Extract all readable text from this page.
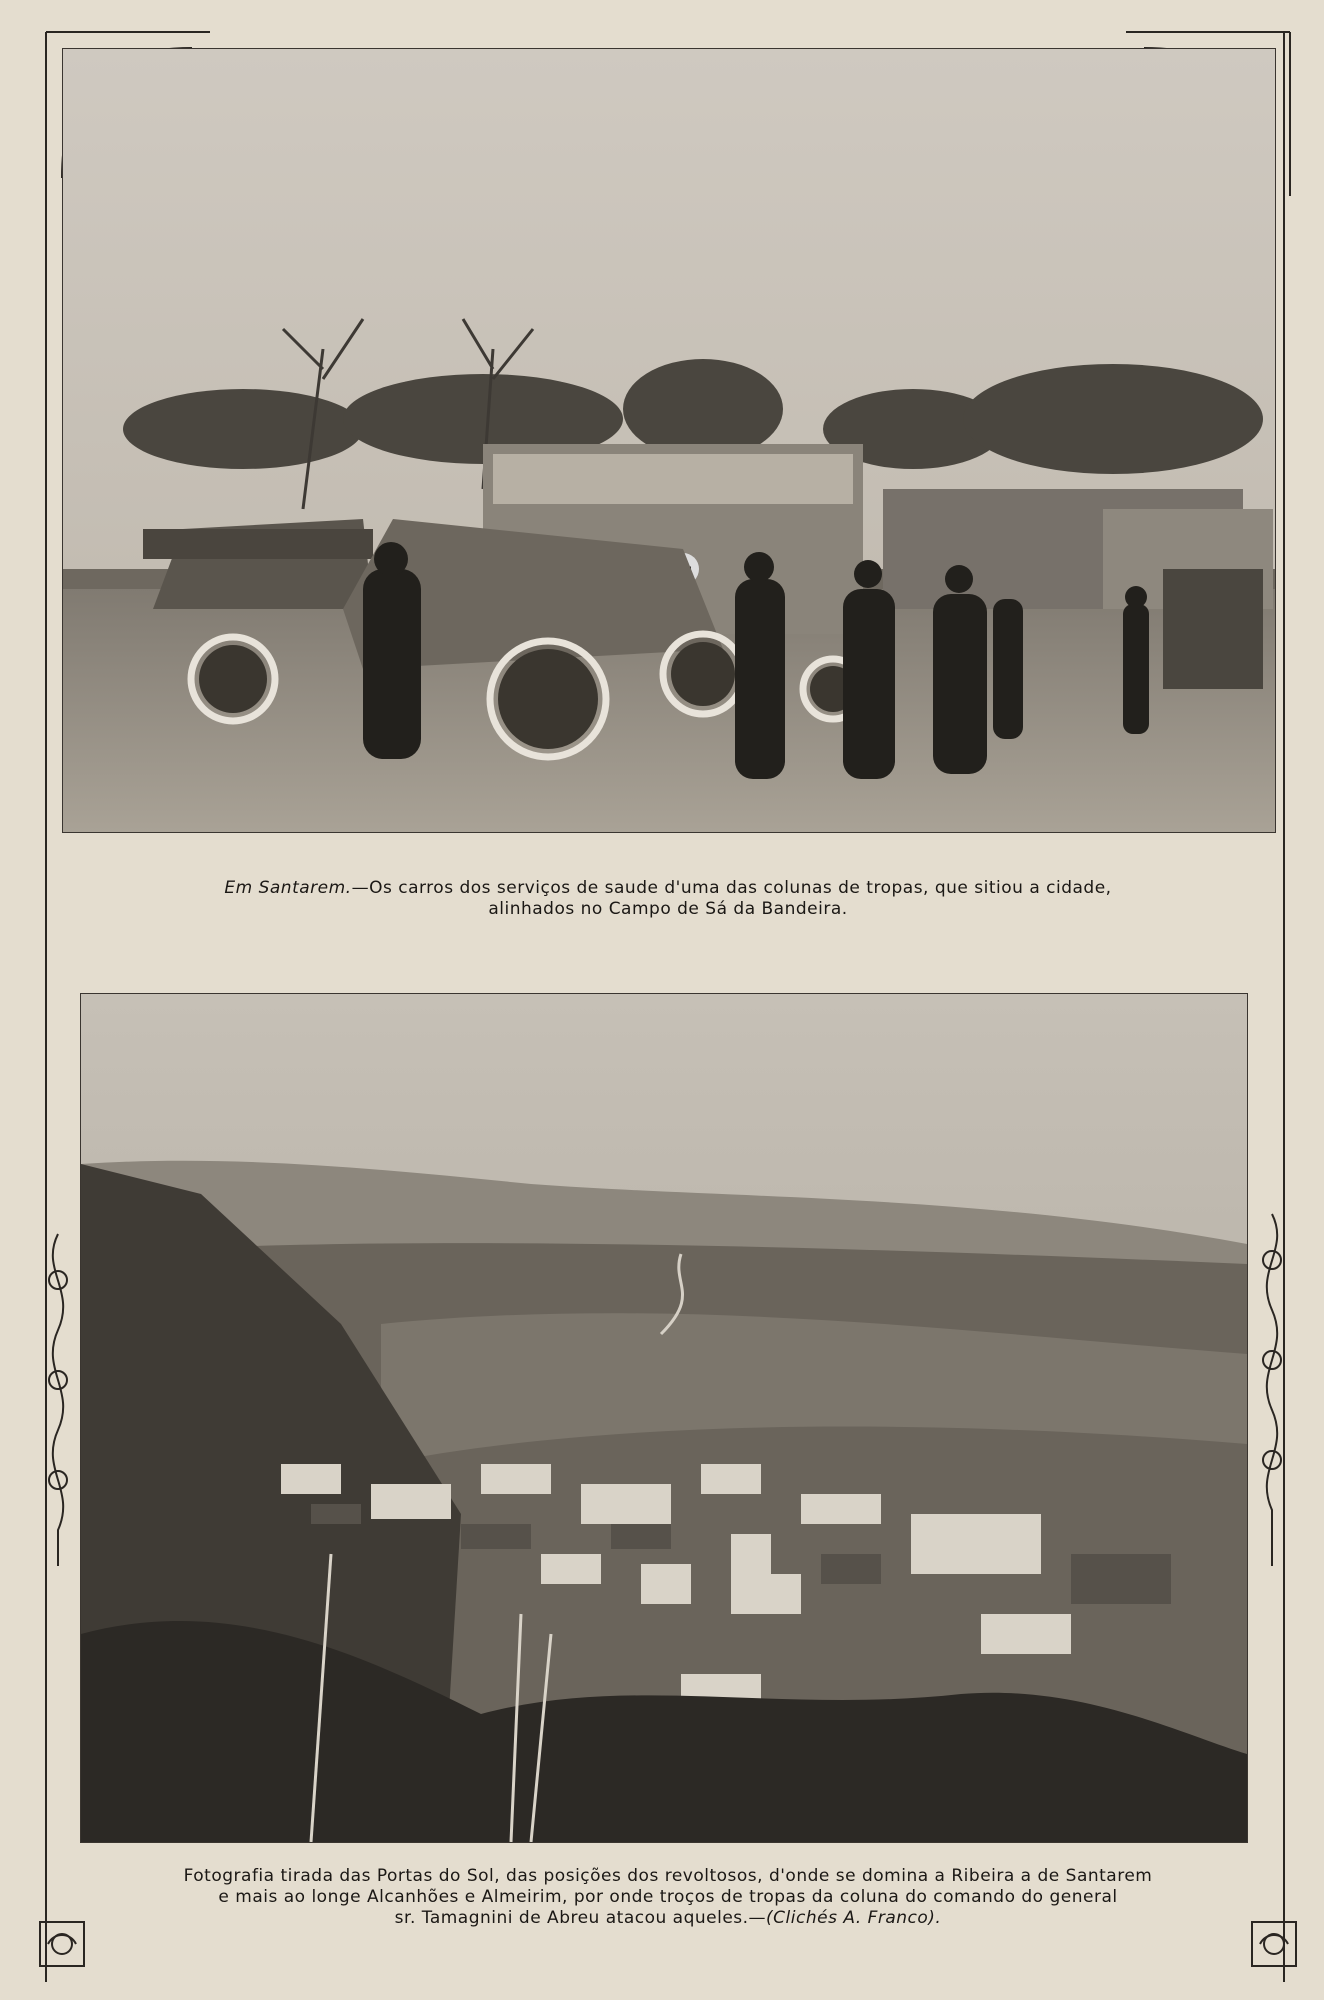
Em Santarem.—Os carros dos serviços de saude d'uma das colunas de tropas, que sitiou a cidade,
alinhados no Campo de Sá da Bandeira.
Fotografia tirada das Portas do Sol, das posições dos revoltosos, d'onde se domina a Ribeira a de Santarem
e mais ao longe Alcanhões e Almeirim, por onde troços de tropas da coluna do comando do general
sr. Tamagnini de Abreu atacou aqueles.—(Clichés A. Franco).
